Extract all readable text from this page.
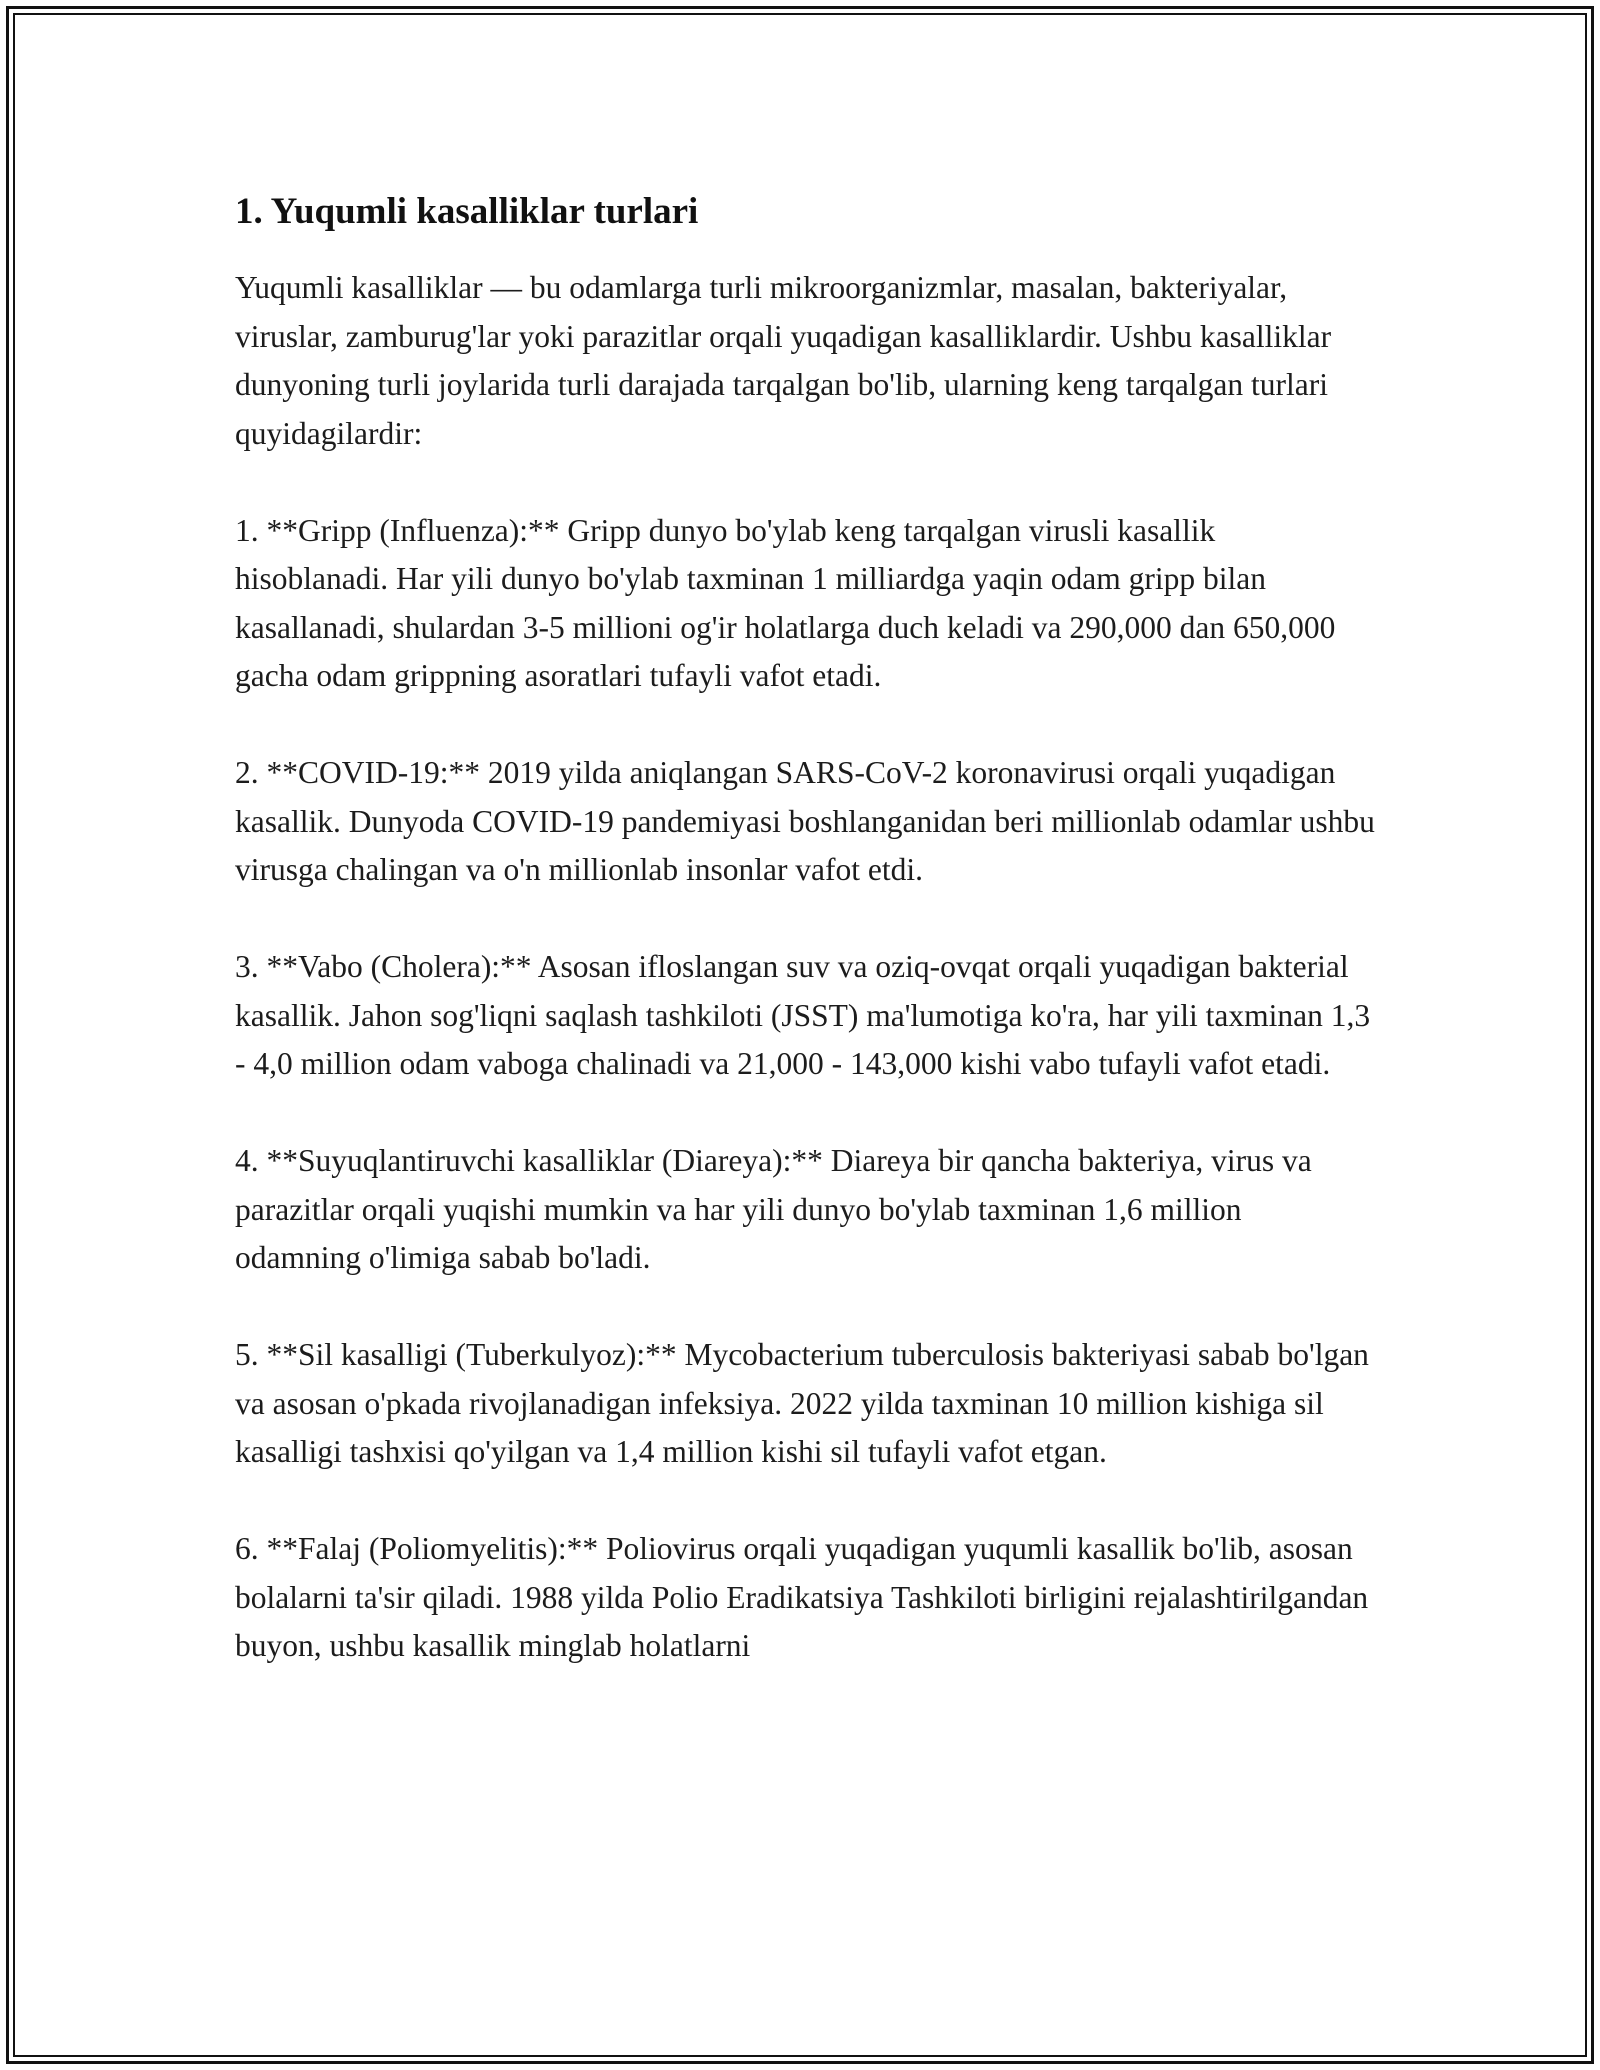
1. Yuqumli kasalliklar turlari

Yuqumli kasalliklar — bu odamlarga turli mikroorganizmlar, masalan, bakteriyalar, viruslar, zamburug'lar yoki parazitlar orqali yuqadigan kasalliklardir. Ushbu kasalliklar dunyoning turli joylarida turli darajada tarqalgan bo'lib, ularning keng tarqalgan turlari quyidagilardir:

1. **Gripp (Influenza):** Gripp dunyo bo'ylab keng tarqalgan virusli kasallik hisoblanadi. Har yili dunyo bo'ylab taxminan 1 milliardga yaqin odam gripp bilan kasallanadi, shulardan 3-5 millioni og'ir holatlarga duch keladi va 290,000 dan 650,000 gacha odam grippning asoratlari tufayli vafot etadi.

2. **COVID-19:** 2019 yilda aniqlangan SARS-CoV-2 koronavirusi orqali yuqadigan kasallik. Dunyoda COVID-19 pandemiyasi boshlanganidan beri millionlab odamlar ushbu virusga chalingan va o'n millionlab insonlar vafot etdi.

3. **Vabo (Cholera):** Asosan ifloslangan suv va oziq-ovqat orqali yuqadigan bakterial kasallik. Jahon sog'liqni saqlash tashkiloti (JSST) ma'lumotiga ko'ra, har yili taxminan 1,3 - 4,0 million odam vaboga chalinadi va 21,000 - 143,000 kishi vabo tufayli vafot etadi.

4. **Suyuqlantiruvchi kasalliklar (Diareya):** Diareya bir qancha bakteriya, virus va parazitlar orqali yuqishi mumkin va har yili dunyo bo'ylab taxminan 1,6 million odamning o'limiga sabab bo'ladi.

5. **Sil kasalligi (Tuberkulyoz):** Mycobacterium tuberculosis bakteriyasi sabab bo'lgan va asosan o'pkada rivojlanadigan infeksiya. 2022 yilda taxminan 10 million kishiga sil kasalligi tashxisi qo'yilgan va 1,4 million kishi sil tufayli vafot etgan.

6. **Falaj (Poliomyelitis):** Poliovirus orqali yuqadigan yuqumli kasallik bo'lib, asosan bolalarni ta'sir qiladi. 1988 yilda Polio Eradikatsiya Tashkiloti birligini rejalashtirilgandan buyon, ushbu kasallik minglab holatlarni
